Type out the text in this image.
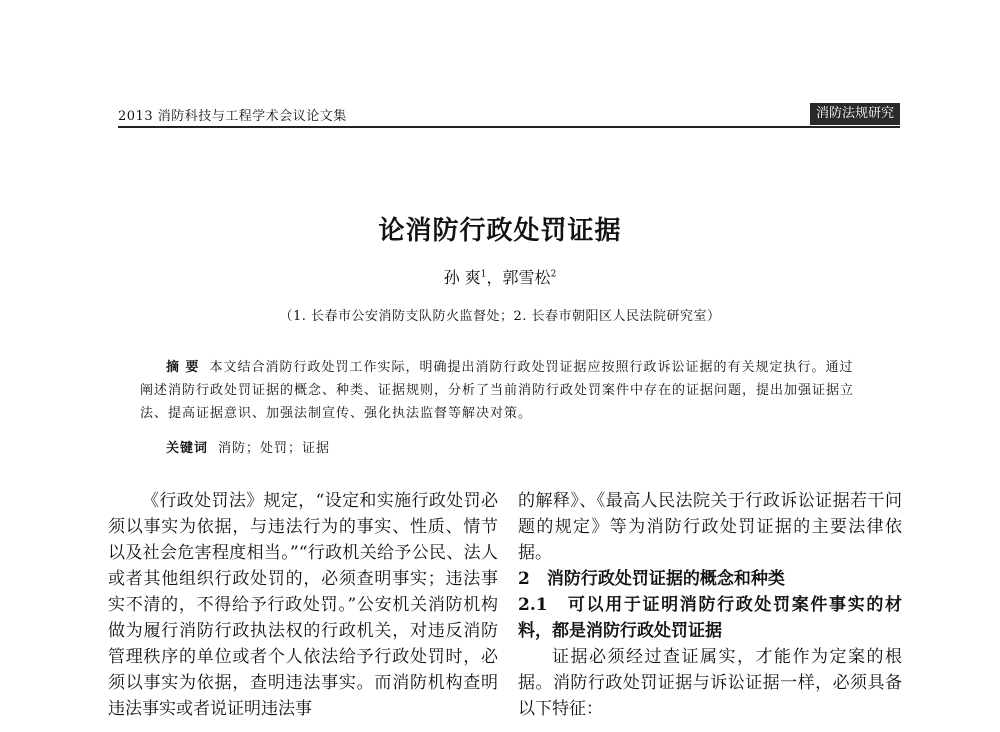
2013 消防科技与工程学术会议论文集	消防法规研究
论消防行政处罚证据
孙 爽$^1$，郭雪松$^2$
（1. 长春市公安消防支队防火监督处；2. 长春市朝阳区人民法院研究室）
摘 要 本文结合消防行政处罚工作实际，明确提出消防行政处罚证据应按照行政诉讼证据的有关规定执行。通过阐述消防行政处罚证据的概念、种类、证据规则，分析了当前消防行政处罚案件中存在的证据问题，提出加强证据立法、提高证据意识、加强法制宣传、强化执法监督等解决对策。
关键词 消防；处罚；证据

《行政处罚法》规定，“设定和实施行政处罚必须以事实为依据，与违法行为的事实、性质、情节以及社会危害程度相当。”“行政机关给予公民、法人或者其他组织行政处罚的，必须查明事实；违法事实不清的，不得给予行政处罚。”公安机关消防机构做为履行消防行政执法权的行政机关，对违反消防管理秩序的单位或者个人依法给予行政处罚时，必须以事实为依据，查明违法事实。而消防机构查明违法事实或者说证明违法事

的解释》、《最高人民法院关于行政诉讼证据若干问题的规定》等为消防行政处罚证据的主要法律依据。

2　消防行政处罚证据的概念和种类

2.1　可以用于证明消防行政处罚案件事实的材料，都是消防行政处罚证据

证据必须经过查证属实，才能作为定案的根据。消防行政处罚证据与诉讼证据一样，必须具备以下特征：
